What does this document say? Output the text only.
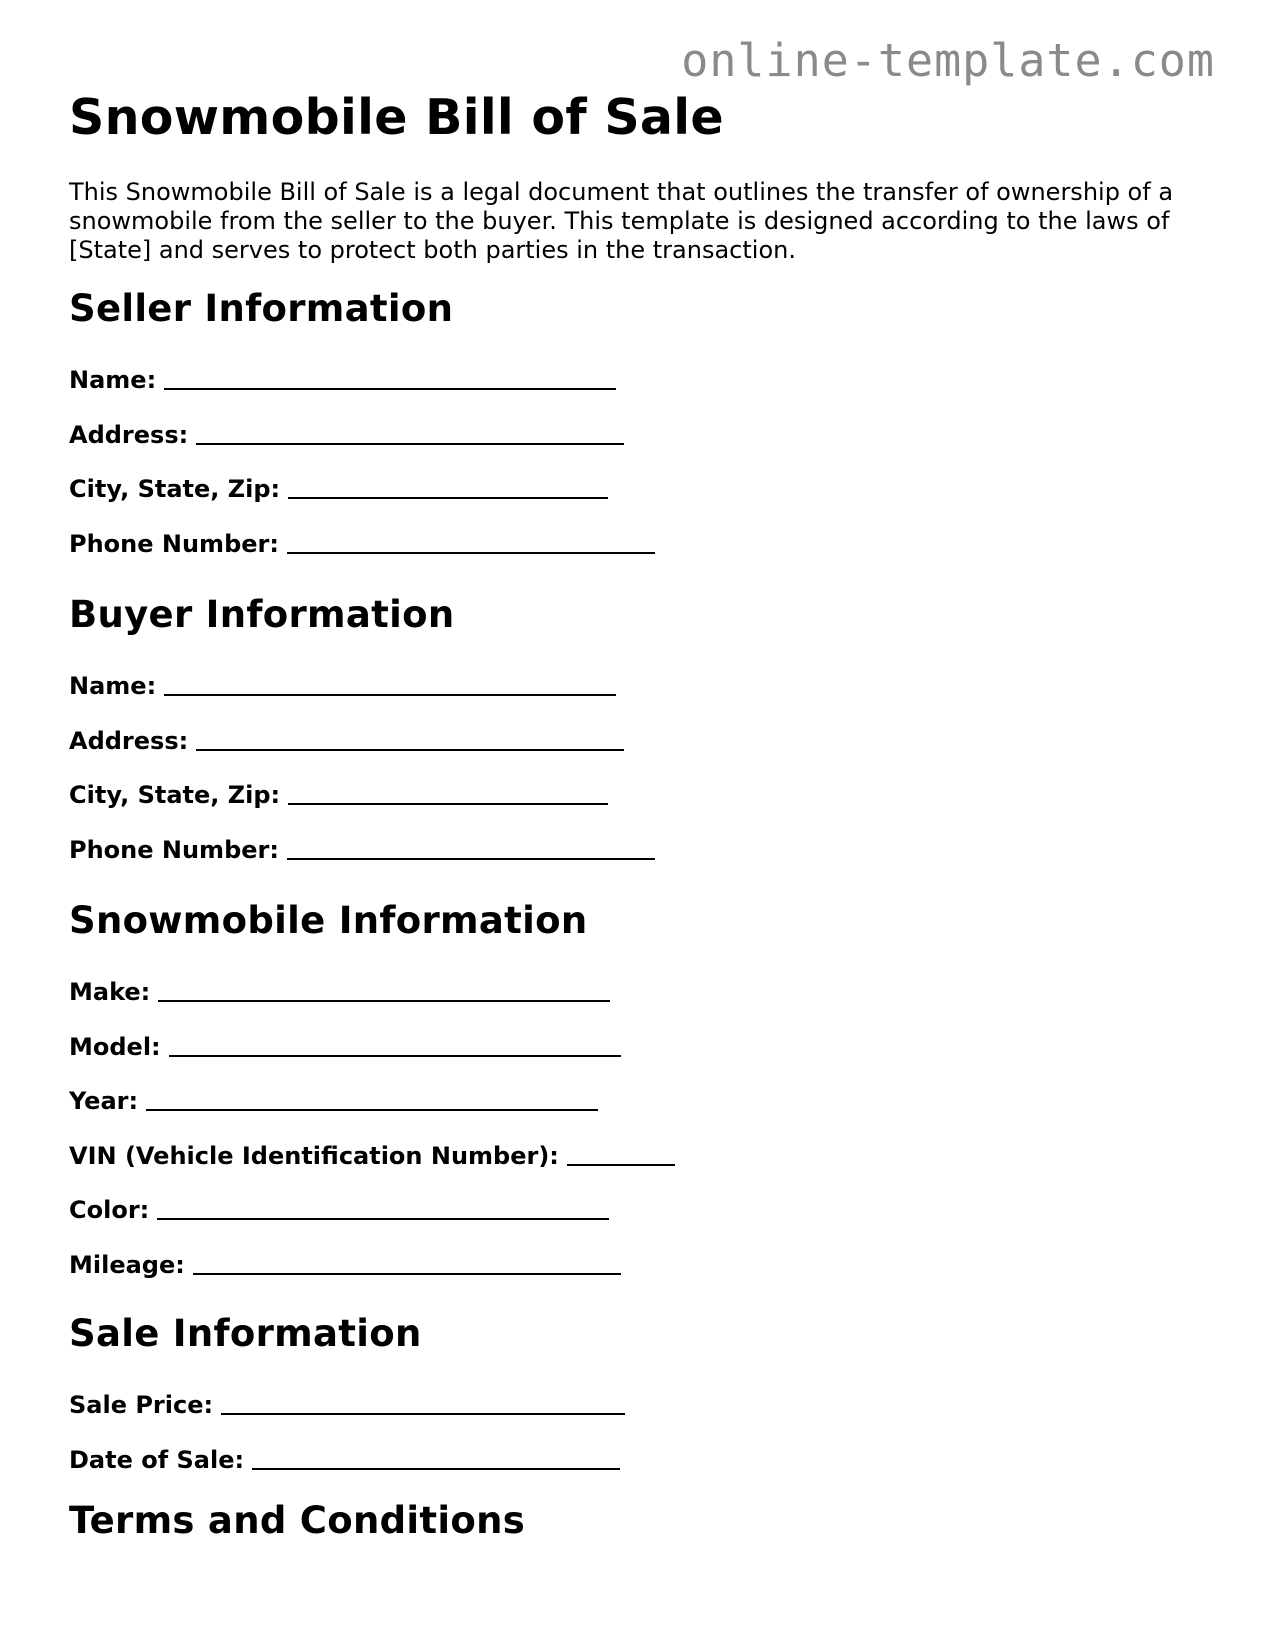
online-template.com
Snowmobile Bill of Sale

This Snowmobile Bill of Sale is a legal document that outlines the transfer of ownership of a snowmobile from the seller to the buyer. This template is designed according to the laws of [State] and serves to protect both parties in the transaction.

Seller Information
Name:
Address:
City, State, Zip:
Phone Number:
Buyer Information
Name:
Address:
City, State, Zip:
Phone Number:
Snowmobile Information
Make:
Model:
Year:
VIN (Vehicle Identification Number):
Color:
Mileage:
Sale Information
Sale Price:
Date of Sale:
Terms and Conditions
